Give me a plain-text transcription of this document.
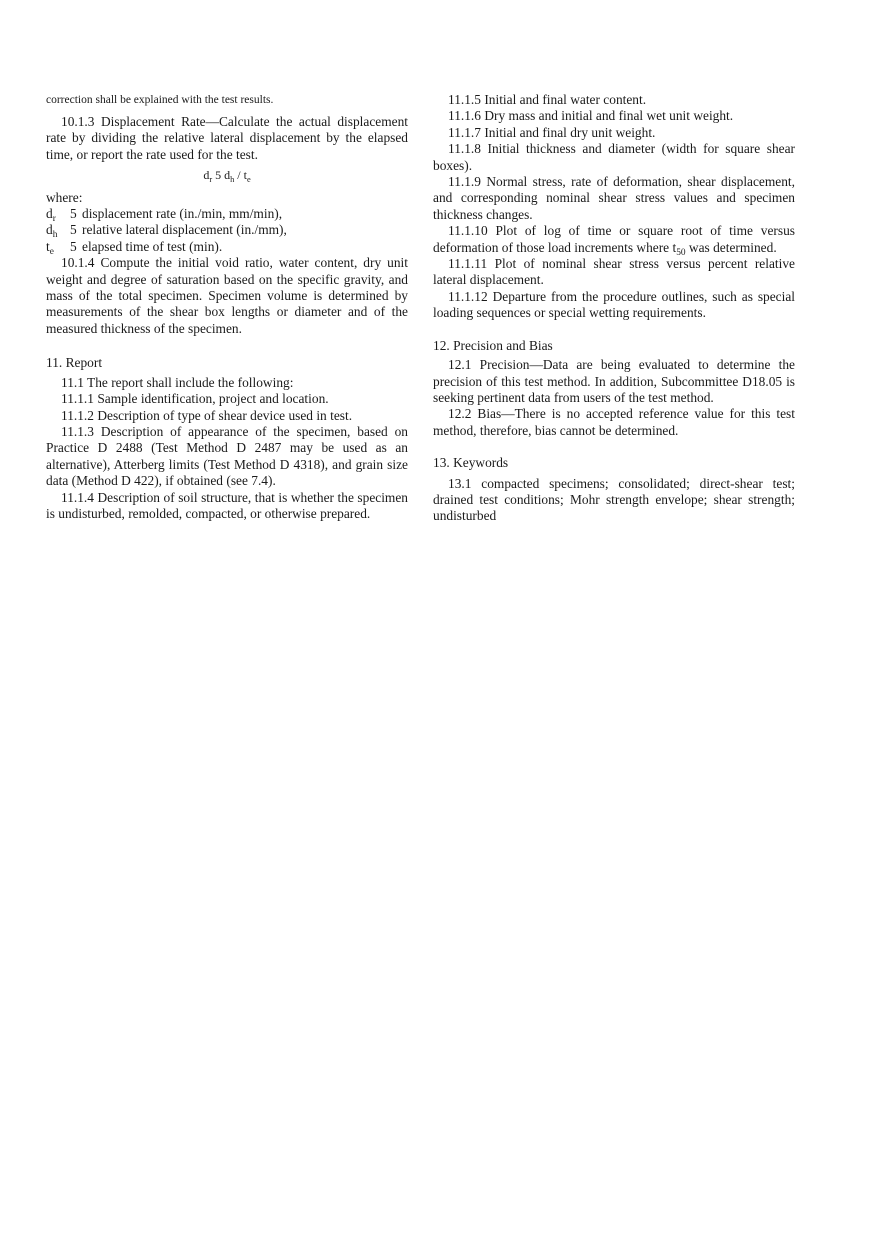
correction shall be explained with the test results.

10.1.3 Displacement Rate—Calculate the actual displacement rate by dividing the relative lateral displacement by the elapsed time, or report the rate used for the test.

$d_r$ 5 $d_h / t_e$

where:

$d_r$	5 displacement rate (in./min, mm/min),
$d_h$ 5 relative lateral displacement (in./mm),
$t_e$	5 elapsed time of test (min).

10.1.4 Compute the initial void ratio, water content, dry unit weight and degree of saturation based on the specific gravity, and mass of the total specimen. Specimen volume is determined by measurements of the shear box lengths or diameter and of the measured thickness of the specimen.

11. Report

11.1 The report shall include the following:

11.1.1 Sample identification, project and location.

11.1.2 Description of type of shear device used in test.

11.1.3 Description of appearance of the specimen, based on Practice D 2488 (Test Method D 2487 may be used as an alternative), Atterberg limits (Test Method D 4318), and grain size data (Method D 422), if obtained (see 7.4).

11.1.4 Description of soil structure, that is whether the specimen is undisturbed, remolded, compacted, or otherwise prepared.

11.1.5 Initial and final water content.

11.1.6 Dry mass and initial and final wet unit weight.

11.1.7 Initial and final dry unit weight.

11.1.8 Initial thickness and diameter (width for square shear boxes).

11.1.9 Normal stress, rate of deformation, shear displacement, and corresponding nominal shear stress values and specimen thickness changes.

11.1.10 Plot of log of time or square root of time versus deformation of those load increments where $t_{50}$ was determined.

11.1.11 Plot of nominal shear stress versus percent relative lateral displacement.

11.1.12 Departure from the procedure outlines, such as special loading sequences or special wetting requirements.

12. Precision and Bias

12.1 Precision—Data are being evaluated to determine the precision of this test method. In addition, Subcommittee D18.05 is seeking pertinent data from users of the test method.

12.2 Bias—There is no accepted reference value for this test method, therefore, bias cannot be determined.

13. Keywords

13.1 compacted specimens; consolidated; direct-shear test; drained test conditions; Mohr strength envelope; shear strength; undisturbed
